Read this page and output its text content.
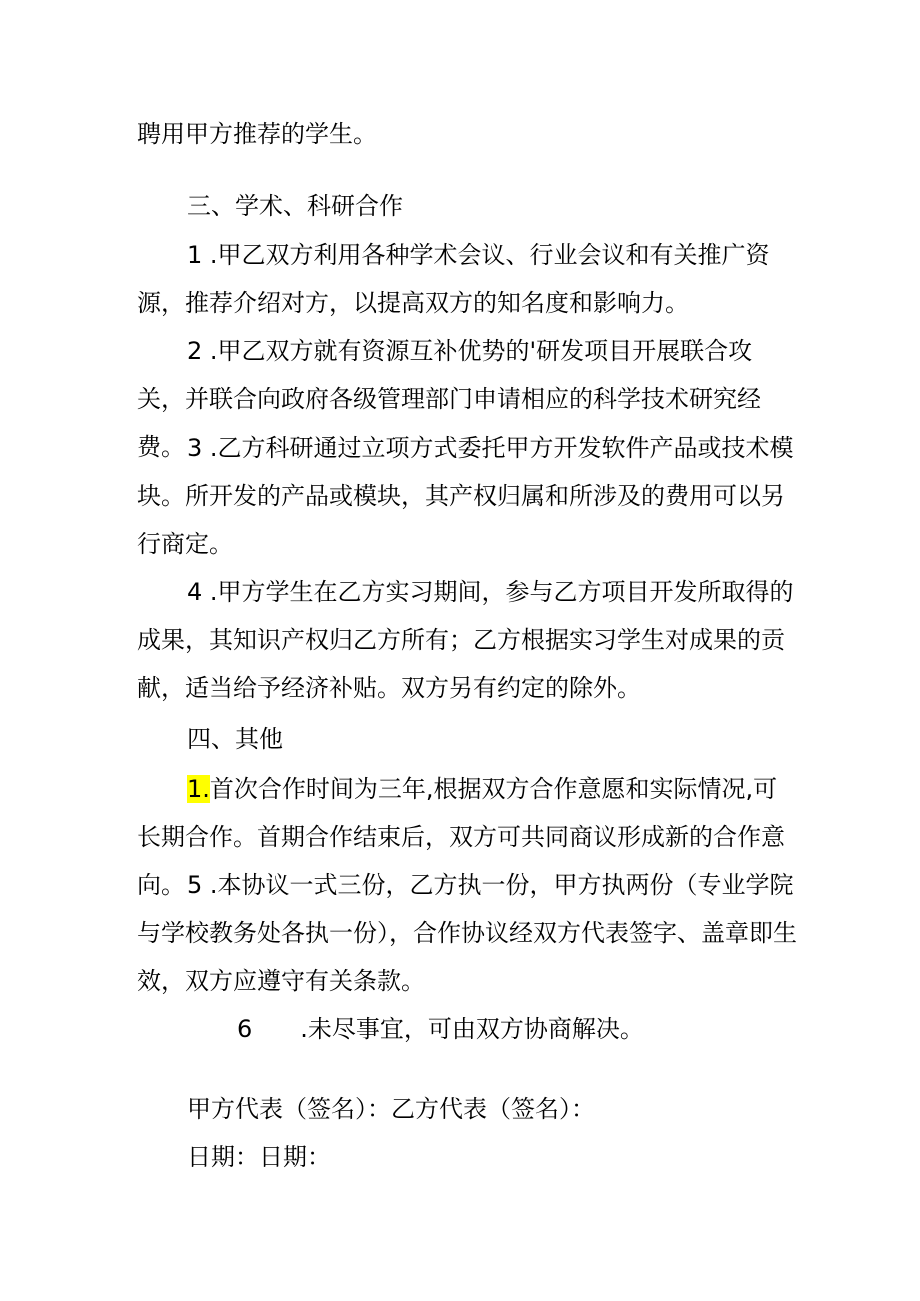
聘用甲方推荐的学生。

三、学术、科研合作

1 .甲乙双方利用各种学术会议、行业会议和有关推广资源，推荐介绍对方，以提高双方的知名度和影响力。

2 .甲乙双方就有资源互补优势的'研发项目开展联合攻关，并联合向政府各级管理部门申请相应的科学技术研究经费。 3 .乙方科研通过立项方式委托甲方开发软件产品或技术模块。所开发的产品或模块，其产权归属和所涉及的费用可以另行商定。

4 .甲方学生在乙方实习期间，参与乙方项目开发所取得的成果，其知识产权归乙方所有；乙方根据实习学生对成果的贡献，适当给予经济补贴。双方另有约定的除外。

四、其他

1.首次合作时间为三年,根据双方合作意愿和实际情况,可长期合作。首期合作结束后，双方可共同商议形成新的合作意向。 5 .本协议一式三份，乙方执一份，甲方执两份（专业学院与学校教务处各执一份），合作协议经双方代表签字、盖章即生效，双方应遵守有关条款。

6 .未尽事宜，可由双方协商解决。

甲方代表（签名）：乙方代表（签名）：

日期：日期：
